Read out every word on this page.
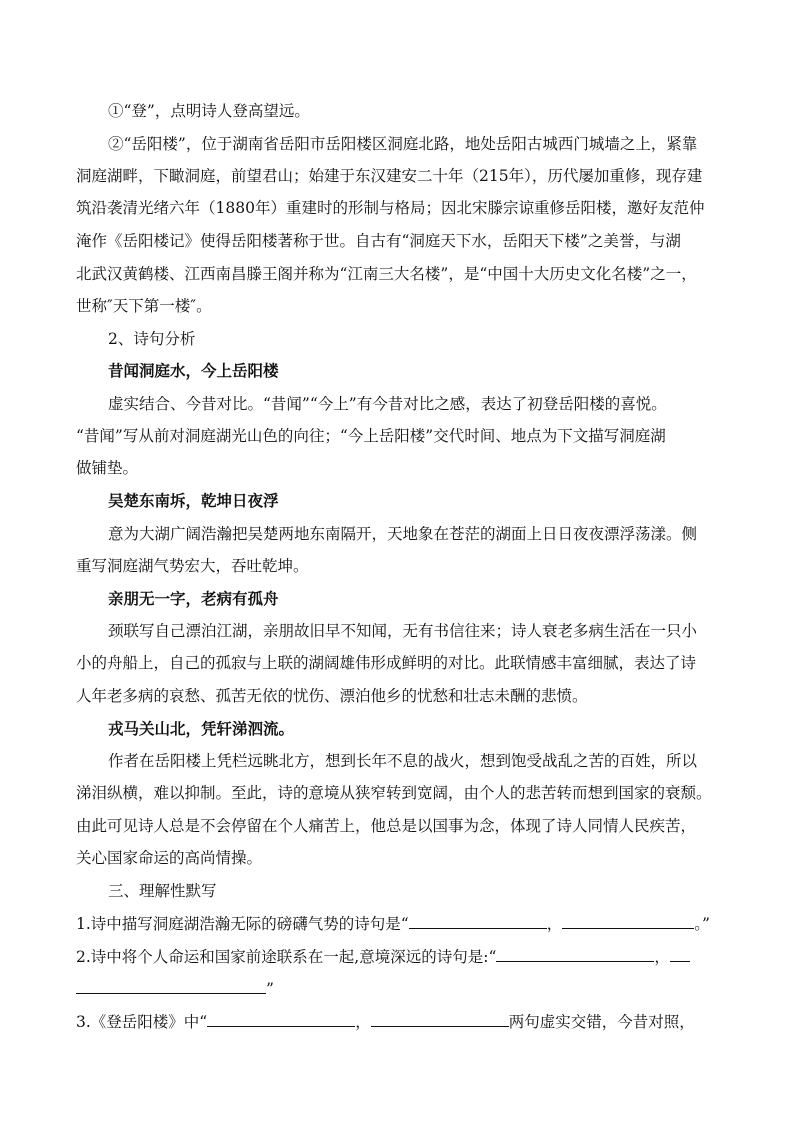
①“登”，点明诗人登高望远。
②“岳阳楼”，位于湖南省岳阳市岳阳楼区洞庭北路，地处岳阳古城西门城墙之上，紧靠
洞庭湖畔，下瞰洞庭，前望君山；始建于东汉建安二十年（215年），历代屡加重修，现存建
筑沿袭清光绪六年（1880年）重建时的形制与格局；因北宋滕宗谅重修岳阳楼，邀好友范仲
淹作《岳阳楼记》使得岳阳楼著称于世。自古有“洞庭天下水，岳阳天下楼”之美誉，与湖
北武汉黄鹤楼、江西南昌滕王阁并称为“江南三大名楼”，是“中国十大历史文化名楼”之一，
世称″天下第一楼″。
2、诗句分析
昔闻洞庭水，今上岳阳楼
虚实结合、今昔对比。“昔闻”“今上”有今昔对比之感，表达了初登岳阳楼的喜悦。
“昔闻”写从前对洞庭湖光山色的向往；“今上岳阳楼”交代时间、地点为下文描写洞庭湖
做铺垫。
吴楚东南坼，乾坤日夜浮
意为大湖广阔浩瀚把吴楚两地东南隔开，天地象在苍茫的湖面上日日夜夜漂浮荡漾。侧
重写洞庭湖气势宏大，吞吐乾坤。
亲朋无一字，老病有孤舟
颈联写自己漂泊江湖，亲朋故旧早不知闻，无有书信往来；诗人衰老多病生活在一只小
小的舟船上，自己的孤寂与上联的湖阔雄伟形成鲜明的对比。此联情感丰富细腻，表达了诗
人年老多病的哀愁、孤苦无依的忧伤、漂泊他乡的忧愁和壮志未酬的悲愤。
戎马关山北，凭轩涕泗流。
作者在岳阳楼上凭栏远眺北方，想到长年不息的战火，想到饱受战乱之苦的百姓，所以
涕泪纵横，难以抑制。至此，诗的意境从狭窄转到宽阔，由个人的悲苦转而想到国家的衰颓。
由此可见诗人总是不会停留在个人痛苦上，他总是以国事为念，体现了诗人同情人民疾苦，
关心国家命运的高尚情操。
三、理解性默写
1.诗中描写洞庭湖浩瀚无际的磅礴气势的诗句是“	，	。”
2.诗中将个人命运和国家前途联系在一起,意境深远的诗句是:“	，
”
3.《登岳阳楼》中“	，	两句虚实交错，今昔对照，
